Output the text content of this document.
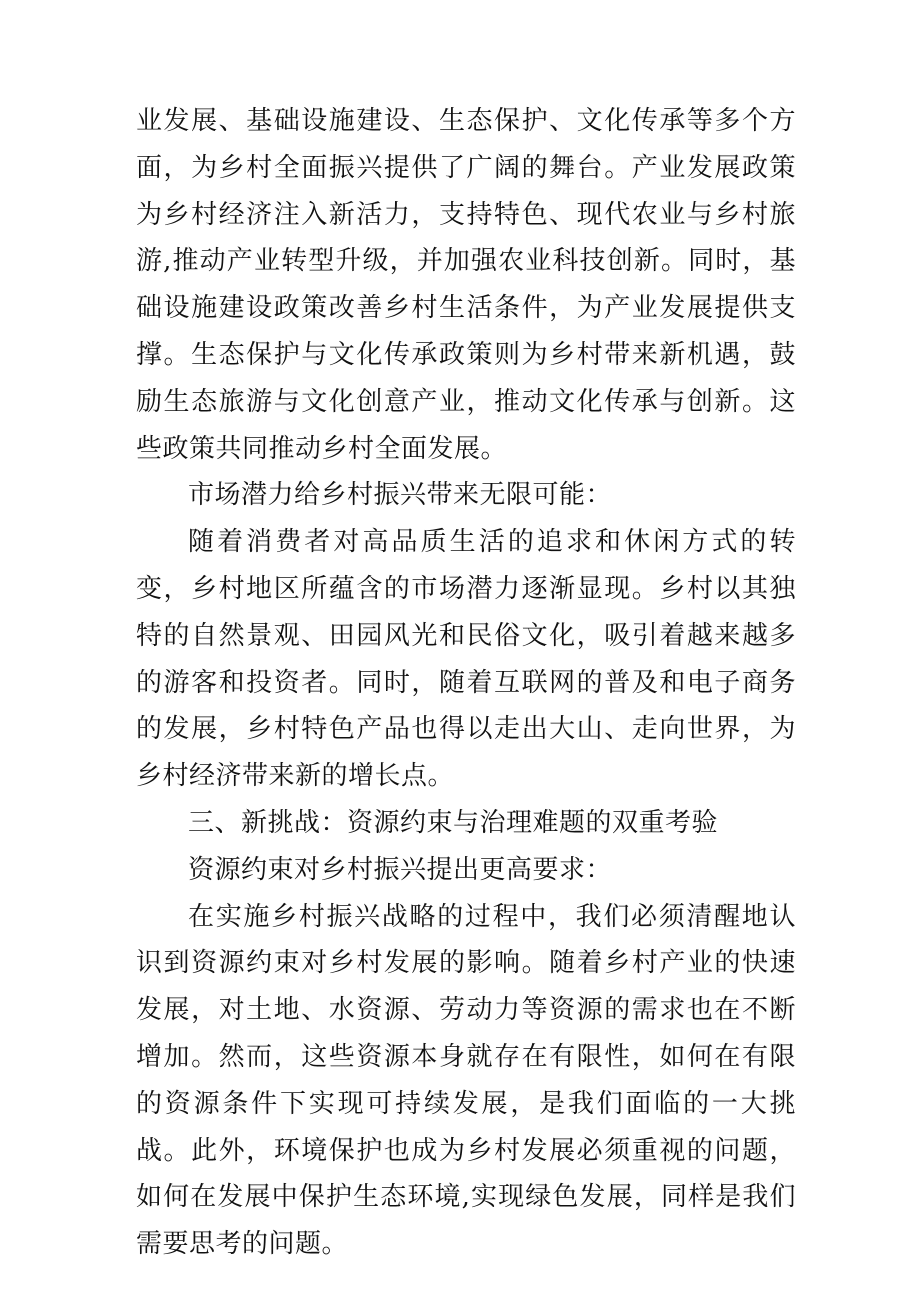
业发展、基础设施建设、生态保护、文化传承等多个方面，为乡村全面振兴提供了广阔的舞台。产业发展政策为乡村经济注入新活力，支持特色、现代农业与乡村旅游,推动产业转型升级，并加强农业科技创新。同时，基础设施建设政策改善乡村生活条件，为产业发展提供支撑。生态保护与文化传承政策则为乡村带来新机遇，鼓励生态旅游与文化创意产业，推动文化传承与创新。这些政策共同推动乡村全面发展。

市场潜力给乡村振兴带来无限可能：

随着消费者对高品质生活的追求和休闲方式的转变，乡村地区所蕴含的市场潜力逐渐显现。乡村以其独特的自然景观、田园风光和民俗文化，吸引着越来越多的游客和投资者。同时，随着互联网的普及和电子商务的发展，乡村特色产品也得以走出大山、走向世界，为乡村经济带来新的增长点。

三、新挑战：资源约束与治理难题的双重考验

资源约束对乡村振兴提出更高要求：

在实施乡村振兴战略的过程中，我们必须清醒地认识到资源约束对乡村发展的影响。随着乡村产业的快速发展，对土地、水资源、劳动力等资源的需求也在不断增加。然而，这些资源本身就存在有限性，如何在有限的资源条件下实现可持续发展，是我们面临的一大挑战。此外，环境保护也成为乡村发展必须重视的问题，如何在发展中保护生态环境,实现绿色发展，同样是我们需要思考的问题。
